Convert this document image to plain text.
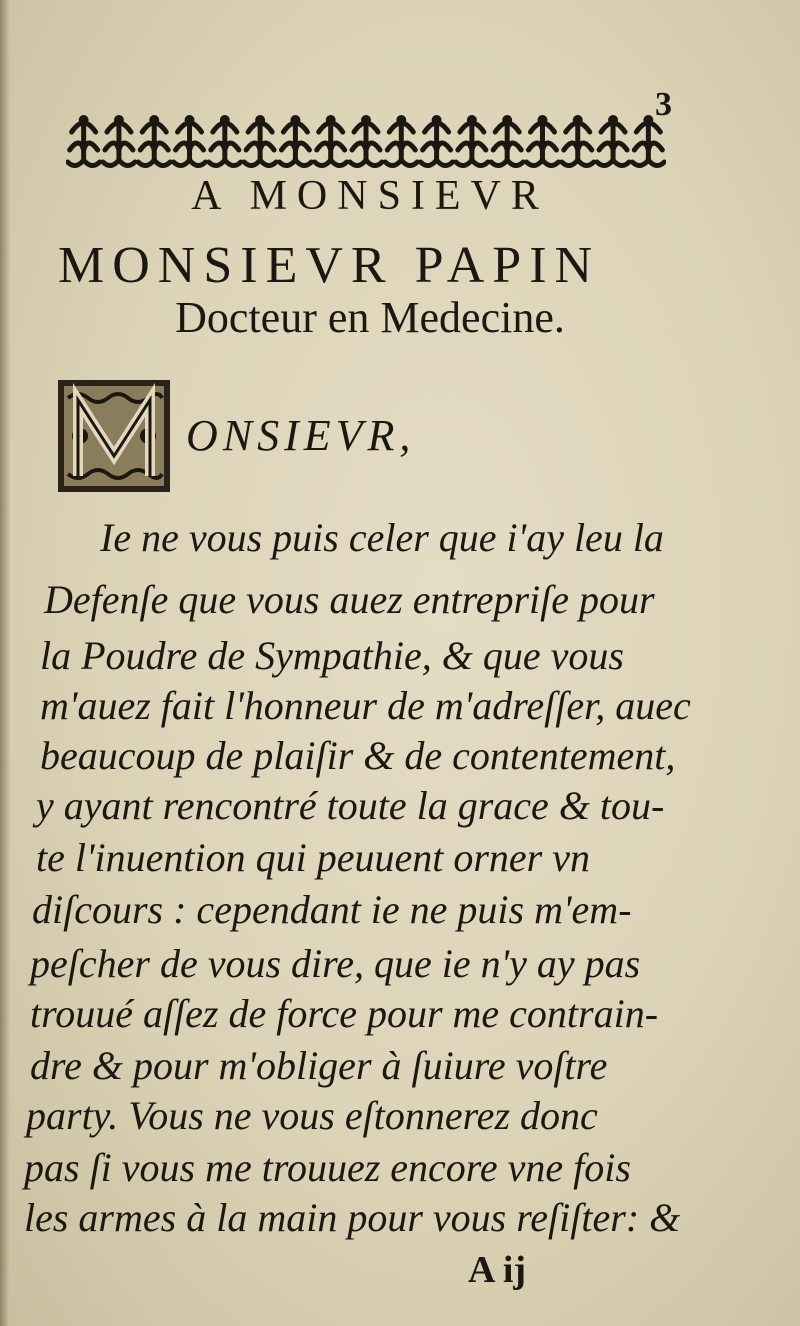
3
A MONSIEVR
MONSIEVR PAPIN
Docteur en Medecine.
ONSIEVR,
Ie ne vous puis celer que i'ay leu la
Defenſe que vous auez entrepriſe pour
la Poudre de Sympathie, & que vous
m'auez fait l'honneur de m'adreſſer, auec
beaucoup de plaiſir & de contentement,
y ayant rencontré toute la grace & tou-
te l'inuention qui peuuent orner vn
diſcours : cependant ie ne puis m'em-
peſcher de vous dire, que ie n'y ay pas
trouué aſſez de force pour me contrain-
dre & pour m'obliger à ſuiure voſtre
party. Vous ne vous eſtonnerez donc
pas ſi vous me trouuez encore vne fois
les armes à la main pour vous reſiſter: &
A ij
